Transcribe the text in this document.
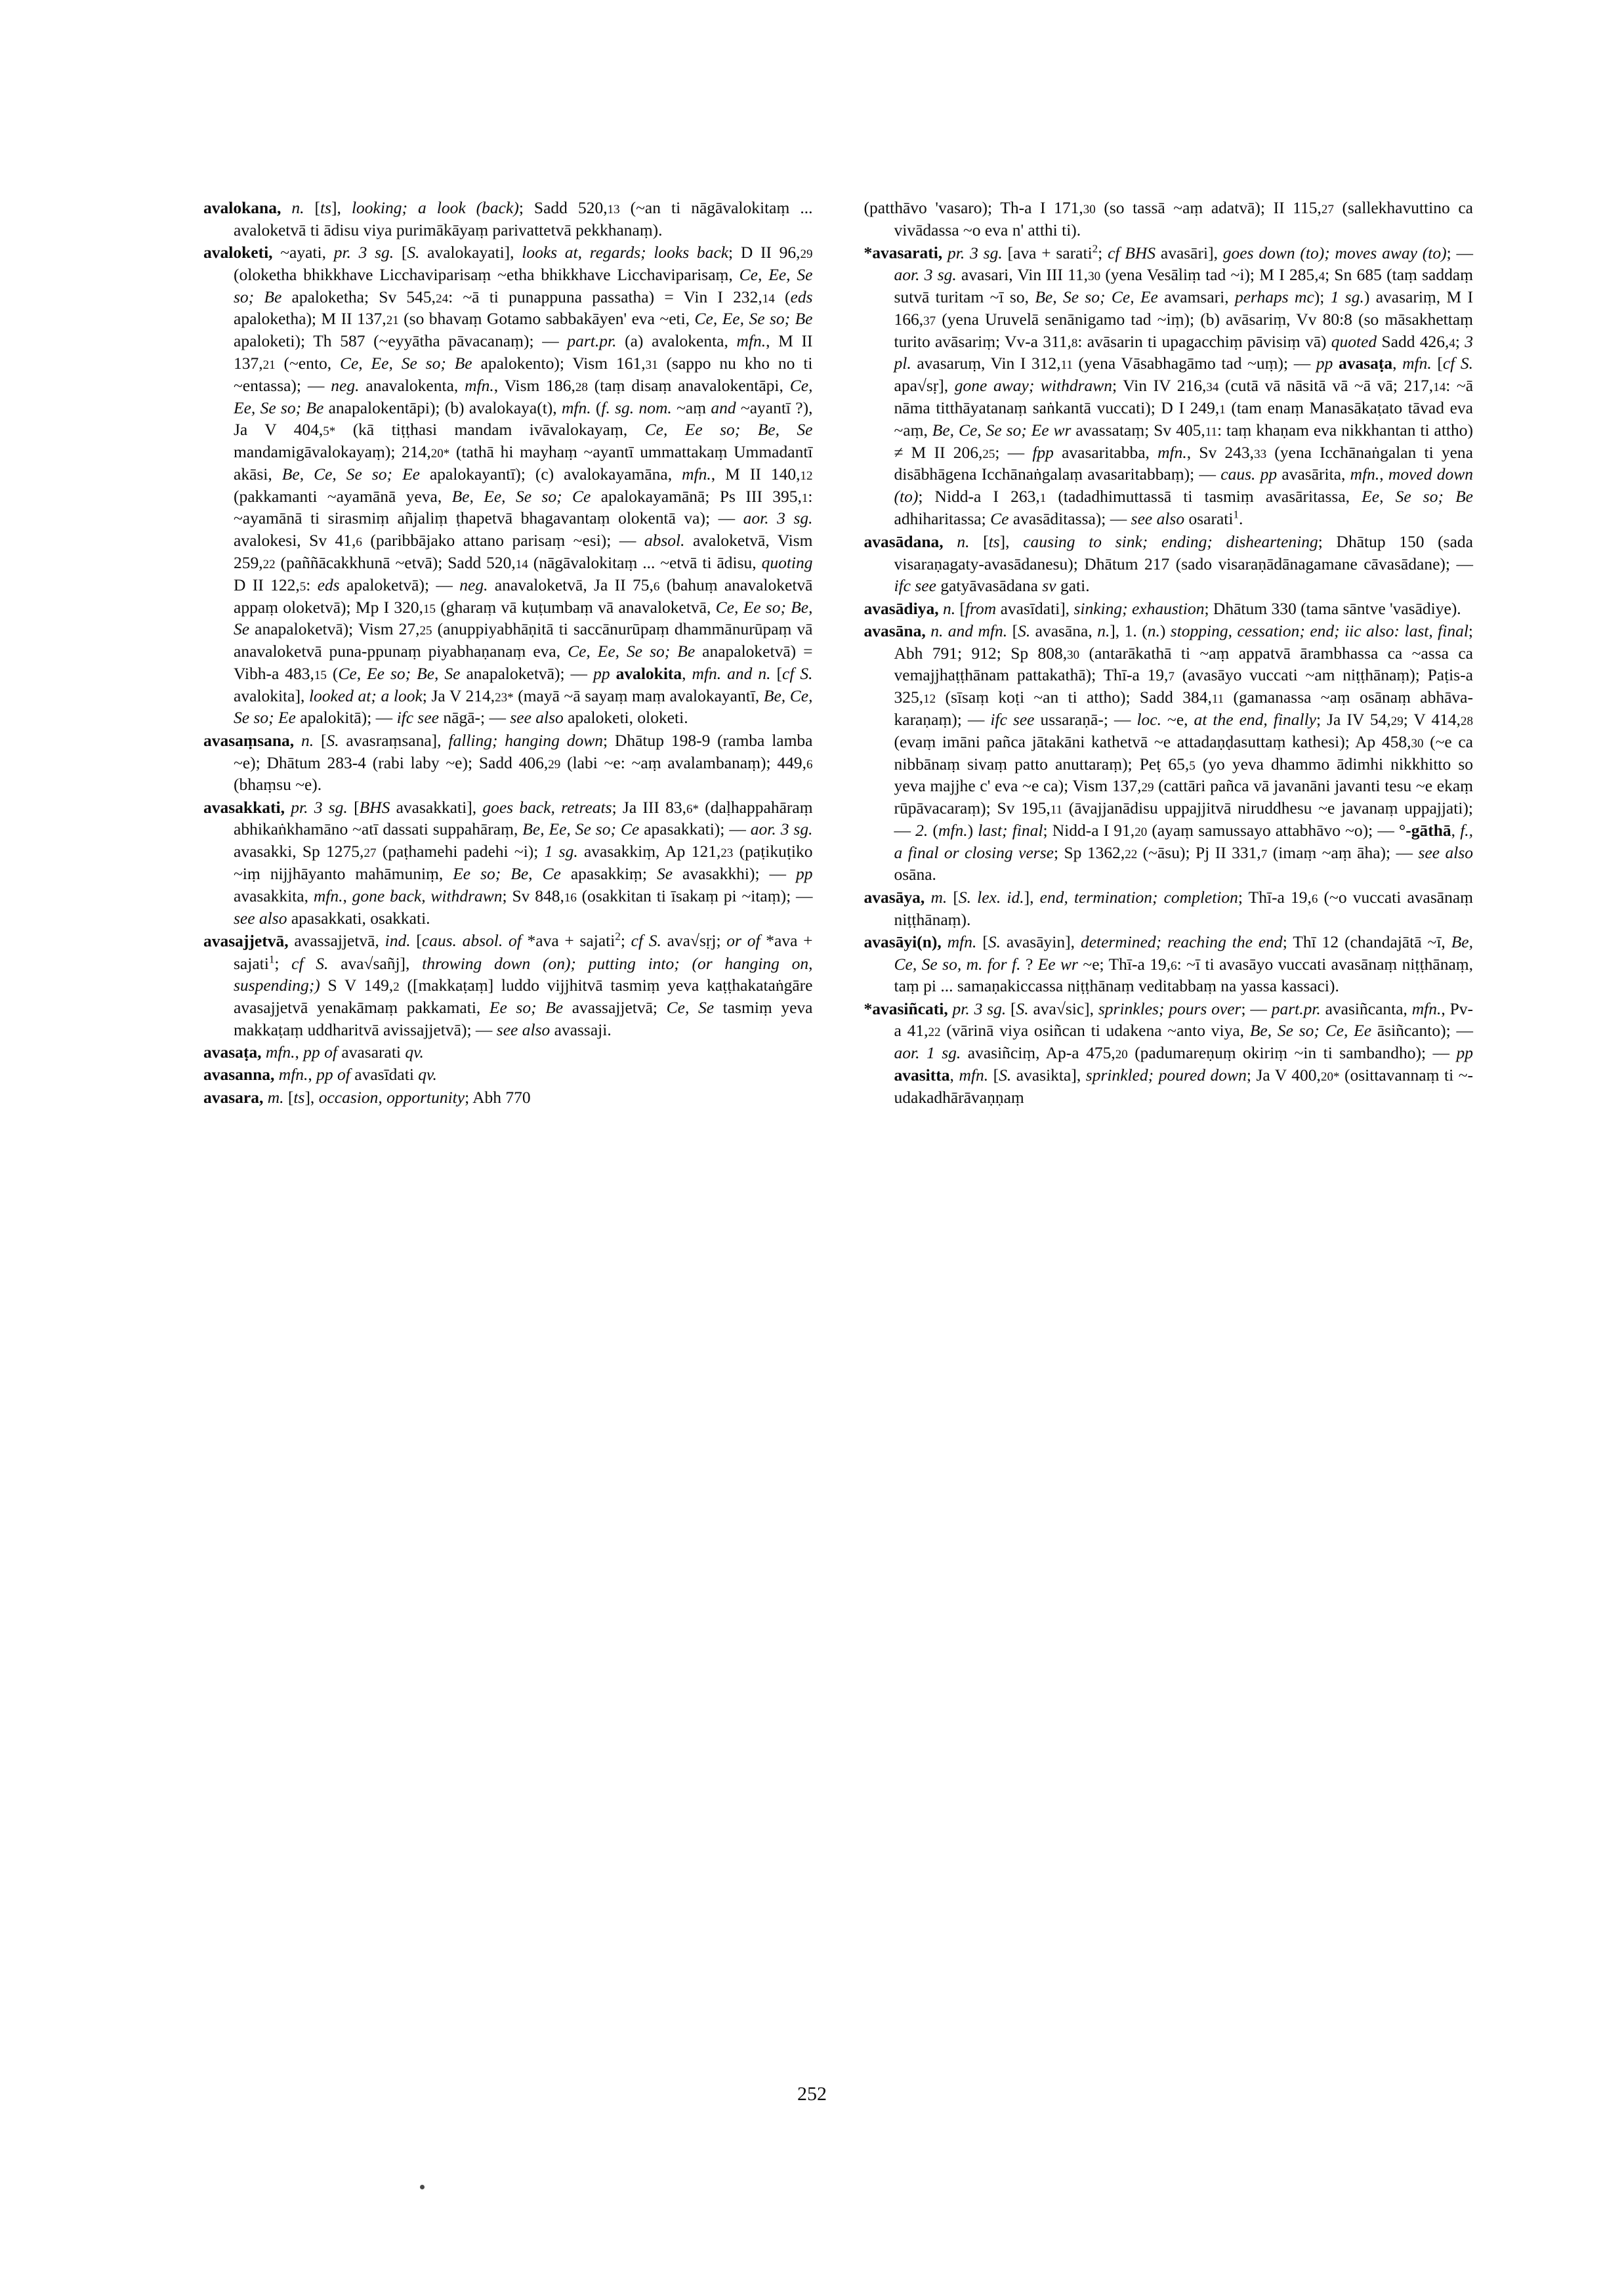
avalokana, n. [ts], looking; a look (back); Sadd 520,13 (~an ti nāgāvalokitaṃ ... avaloketvā ti ādisu viya purimākāyaṃ parivattetvā pekkhanaṃ).

avaloketi, ~ayati, pr. 3 sg. [S. avalokayati], looks at, regards; looks back; D II 96,29 (oloketha bhikkhave Licchaviparisaṃ ~etha bhikkhave Licchaviparisaṃ, Ce, Ee, Se so; Be apaloketha; Sv 545,24: ~ā ti punappuna passatha) = Vin I 232,14 (eds apaloketha); M II 137,21 (so bhavaṃ Gotamo sabbakāyen' eva ~eti, Ce, Ee, Se so; Be apaloketi); Th 587 (~eyyātha pāvacanaṃ); — part.pr. (a) avalokenta, mfn., M II 137,21 (~ento, Ce, Ee, Se so; Be apalokento); Vism 161,31 (sappo nu kho no ti ~entassa); — neg. anavalokenta, mfn., Vism 186,28 (taṃ disaṃ anavalokentāpi, Ce, Ee, Se so; Be anapalokentāpi); (b) avalokaya(t), mfn. (f. sg. nom. ~aṃ and ~ayantī ?), Ja V 404,5* (kā tiṭṭhasi mandam ivāvalokayaṃ, Ce, Ee so; Be, Se mandamigāvalokayaṃ); 214,20* (tathā hi mayhaṃ ~ayantī ummattakaṃ Ummadantī akāsi, Be, Ce, Se so; Ee apalokayantī); (c) avalokayamāna, mfn., M II 140,12 (pakkamanti ~ayamānā yeva, Be, Ee, Se so; Ce apalokayamānā; Ps III 395,1: ~ayamānā ti sirasmiṃ añjaliṃ ṭhapetvā bhagavantaṃ olokentā va); — aor. 3 sg. avalokesi, Sv 41,6 (paribbājako attano parisaṃ ~esi); — absol. avaloketvā, Vism 259,22 (paññācakkhunā ~etvā); Sadd 520,14 (nāgāvalokitaṃ ... ~etvā ti ādisu, quoting D II 122,5: eds apaloketvā); — neg. anavaloketvā, Ja II 75,6 (bahuṃ anavaloketvā appaṃ oloketvā); Mp I 320,15 (gharaṃ vā kuṭumbaṃ vā anavaloketvā, Ce, Ee so; Be, Se anapaloketvā); Vism 27,25 (anuppiyabhāṇitā ti saccānurūpaṃ dhammānurūpaṃ vā anavaloketvā puna-ppunaṃ piyabhaṇanaṃ eva, Ce, Ee, Se so; Be anapaloketvā) = Vibh-a 483,15 (Ce, Ee so; Be, Se anapaloketvā); — pp avalokita, mfn. and n. [cf S. avalokita], looked at; a look; Ja V 214,23* (mayā ~ā sayaṃ maṃ avalokayantī, Be, Ce, Se so; Ee apalokitā); — ifc see nāgā-; — see also apaloketi, oloketi.

avasaṃsana, n. [S. avasraṃsana], falling; hanging down; Dhātup 198-9 (ramba lamba ~e); Dhātum 283-4 (rabi laby ~e); Sadd 406,29 (labi ~e: ~aṃ avalambanaṃ); 449,6 (bhaṃsu ~e).

avasakkati, pr. 3 sg. [BHS avasakkati], goes back, retreats; Ja III 83,6* (daḷhappahāraṃ abhikaṅkhamāno ~atī dassati suppahāraṃ, Be, Ee, Se so; Ce apasakkati); — aor. 3 sg. avasakki, Sp 1275,27 (paṭhamehi padehi ~i); 1 sg. avasakkiṃ, Ap 121,23 (paṭikuṭiko ~iṃ nijjhāyanto mahāmuniṃ, Ee so; Be, Ce apasakkiṃ; Se avasakkhi); — pp avasakkita, mfn., gone back, withdrawn; Sv 848,16 (osakkitan ti īsakaṃ pi ~itaṃ); — see also apasakkati, osakkati.

avasajjetvā, avassajjetvā, ind. [caus. absol. of *ava + sajati$^2$; cf S. ava√sṛj; or of *ava + sajati$^1$; cf S. ava√sañj], throwing down (on); putting into; (or hanging on, suspending;) S V 149,2 ([makkaṭaṃ] luddo vijjhitvā tasmiṃ yeva kaṭṭhakataṅgāre avasajjetvā yenakāmaṃ pakkamati, Ee so; Be avassajjetvā; Ce, Se tasmiṃ yeva makkaṭaṃ uddharitvā avissajjetvā); — see also avassaji.

avasaṭa, mfn., pp of avasarati qv.

avasanna, mfn., pp of avasīdati qv.

avasara, m. [ts], occasion, opportunity; Abh 770

(patthāvo 'vasaro); Th-a I 171,30 (so tassā ~aṃ adatvā); II 115,27 (sallekhavuttino ca vivādassa ~o eva n' atthi ti).

*avasarati, pr. 3 sg. [ava + sarati$^2$; cf BHS avasāri], goes down (to); moves away (to); — aor. 3 sg. avasari, Vin III 11,30 (yena Vesāliṃ tad ~i); M I 285,4; Sn 685 (taṃ saddaṃ sutvā turitam ~ī so, Be, Se so; Ce, Ee avamsari, perhaps mc); 1 sg.) avasariṃ, M I 166,37 (yena Uruvelā senānigamo tad ~iṃ); (b) avāsariṃ, Vv 80:8 (so māsakhettaṃ turito avāsariṃ; Vv-a 311,8: avāsarin ti upagacchiṃ pāvisiṃ vā) quoted Sadd 426,4; 3 pl. avasaruṃ, Vin I 312,11 (yena Vāsabhagāmo tad ~uṃ); — pp avasaṭa, mfn. [cf S. apa√sṛ], gone away; withdrawn; Vin IV 216,34 (cutā vā nāsitā vā ~ā vā; 217,14: ~ā nāma titthāyatanaṃ saṅkantā vuccati); D I 249,1 (tam enaṃ Manasākaṭato tāvad eva ~aṃ, Be, Ce, Se so; Ee wr avassataṃ; Sv 405,11: taṃ khaṇam eva nikkhantan ti attho) ≠ M II 206,25; — fpp avasaritabba, mfn., Sv 243,33 (yena Icchānaṅgalan ti yena disābhāgena Icchānaṅgalaṃ avasaritabbaṃ); — caus. pp avasārita, mfn., moved down (to); Nidd-a I 263,1 (tadadhimuttassā ti tasmiṃ avasāritassa, Ee, Se so; Be adhiharitassa; Ce avasāditassa); — see also osarati$^1$.

avasādana, n. [ts], causing to sink; ending; disheartening; Dhātup 150 (sada visaraṇagaty-avasādanesu); Dhātum 217 (sado visaraṇādānagamane cāvasādane); — ifc see gatyāvasādana sv gati.

avasādiya, n. [from avasīdati], sinking; exhaustion; Dhātum 330 (tama sāntve 'vasādiye).

avasāna, n. and mfn. [S. avasāna, n.], 1. (n.) stopping, cessation; end; iic also: last, final; Abh 791; 912; Sp 808,30 (antarākathā ti ~aṃ appatvā ārambhassa ca ~assa ca vemajjhaṭṭhānam pattakathā); Thī-a 19,7 (avasāyo vuccati ~am niṭṭhānaṃ); Paṭis-a 325,12 (sīsaṃ koṭi ~an ti attho); Sadd 384,11 (gamanassa ~aṃ osānaṃ abhāva-karaṇaṃ); — ifc see ussaraṇā-; — loc. ~e, at the end, finally; Ja IV 54,29; V 414,28 (evaṃ imāni pañca jātakāni kathetvā ~e attadaṇḍasuttaṃ kathesi); Ap 458,30 (~e ca nibbānaṃ sivaṃ patto anuttaraṃ); Peṭ 65,5 (yo yeva dhammo ādimhi nikkhitto so yeva majjhe c' eva ~e ca); Vism 137,29 (cattāri pañca vā javanāni javanti tesu ~e ekaṃ rūpāvacaraṃ); Sv 195,11 (āvajjanādisu uppajjitvā niruddhesu ~e javanaṃ uppajjati); — 2. (mfn.) last; final; Nidd-a I 91,20 (ayaṃ samussayo attabhāvo ~o); — °-gāthā, f., a final or closing verse; Sp 1362,22 (~āsu); Pj II 331,7 (imaṃ ~aṃ āha); — see also osāna.

avasāya, m. [S. lex. id.], end, termination; completion; Thī-a 19,6 (~o vuccati avasānaṃ niṭṭhānaṃ).

avasāyi(n), mfn. [S. avasāyin], determined; reaching the end; Thī 12 (chandajātā ~ī, Be, Ce, Se so, m. for f. ? Ee wr ~e; Thī-a 19,6: ~ī ti avasāyo vuccati avasānaṃ niṭṭhānaṃ, taṃ pi ... samaṇakiccassa niṭṭhānaṃ veditabbaṃ na yassa kassaci).

*avasiñcati, pr. 3 sg. [S. ava√sic], sprinkles; pours over; — part.pr. avasiñcanta, mfn., Pv-a 41,22 (vārinā viya osiñcan ti udakena ~anto viya, Be, Se so; Ce, Ee āsiñcanto); — aor. 1 sg. avasiñciṃ, Ap-a 475,20 (padumareṇuṃ okiriṃ ~in ti sambandho); — pp avasitta, mfn. [S. avasikta], sprinkled; poured down; Ja V 400,20* (osittavannaṃ ti ~-udakadhārāvaṇṇaṃ

252
